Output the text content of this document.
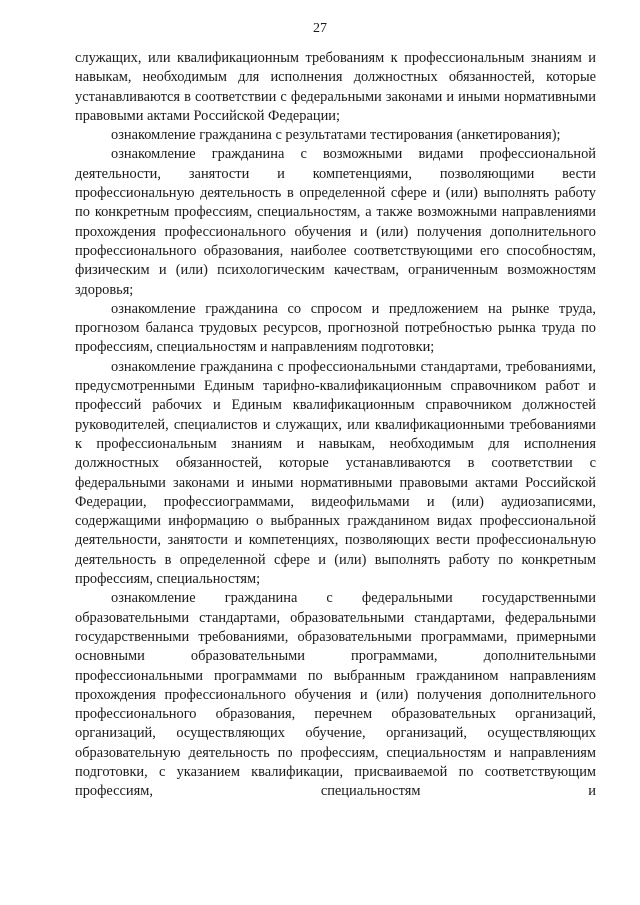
27

служащих, или квалификационным требованиям к профессиональным знаниям и навыкам, необходимым для исполнения должностных обязанностей, которые устанавливаются в соответствии с федеральными законами и иными нормативными правовыми актами Российской Федерации;

ознакомление гражданина с результатами тестирования (анкетирования);

ознакомление гражданина с возможными видами профессиональной деятельности, занятости и компетенциями, позволяющими вести профессиональную деятельность в определенной сфере и (или) выполнять работу по конкретным профессиям, специальностям, а также возможными направлениями прохождения профессионального обучения и (или) получения дополнительного профессионального образования, наиболее соответствующими его способностям, физическим и (или) психологическим качествам, ограниченным возможностям здоровья;

ознакомление гражданина со спросом и предложением на рынке труда, прогнозом баланса трудовых ресурсов, прогнозной потребностью рынка труда по профессиям, специальностям и направлениям подготовки;

ознакомление гражданина с профессиональными стандартами, требованиями, предусмотренными Единым тарифно-квалификационным справочником работ и профессий рабочих и Единым квалификационным справочником должностей руководителей, специалистов и служащих, или квалификационными требованиями к профессиональным знаниям и навыкам, необходимым для исполнения должностных обязанностей, которые устанавливаются в соответствии с федеральными законами и иными нормативными правовыми актами Российской Федерации, профессиограммами, видеофильмами и (или) аудиозаписями, содержащими информацию о выбранных гражданином видах профессиональной деятельности, занятости и компетенциях, позволяющих вести профессиональную деятельность в определенной сфере и (или) выполнять работу по конкретным профессиям, специальностям;

ознакомление гражданина с федеральными государственными образовательными стандартами, образовательными стандартами, федеральными государственными требованиями, образовательными программами, примерными основными образовательными программами, дополнительными профессиональными программами по выбранным гражданином направлениям прохождения профессионального обучения и (или) получения дополнительного профессионального образования, перечнем образовательных организаций, организаций, осуществляющих обучение, организаций, осуществляющих образовательную деятельность по профессиям, специальностям и направлениям подготовки, с указанием квалификации, присваиваемой по соответствующим профессиям, специальностям и
